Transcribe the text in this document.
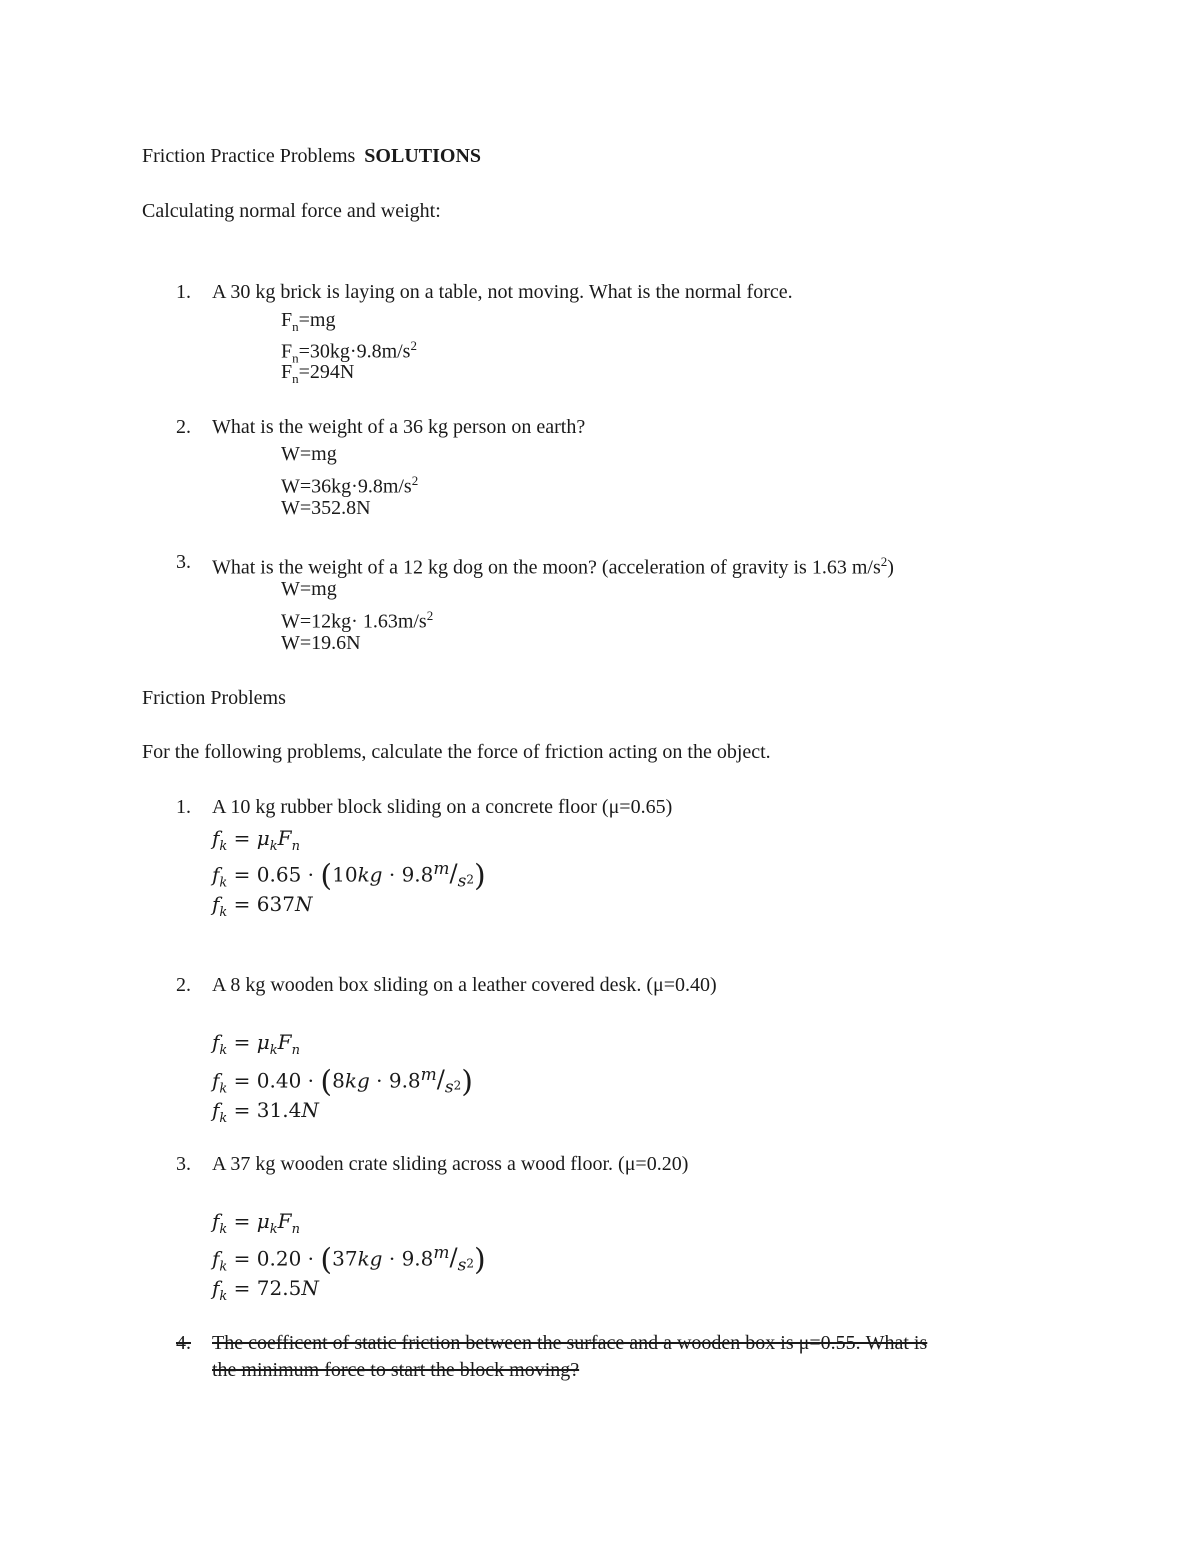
Friction Practice Problems SOLUTIONS
Calculating normal force and weight:
1. A 30 kg brick is laying on a table, not moving. What is the normal force.
$F_n=mg$
$F_n=30kg\cdot 9.8m/s^2$
$F_n=294N$
2. What is the weight of a 36 kg person on earth?
W=mg
$W=36kg\cdot 9.8m/s^2$
W=352.8N
3. What is the weight of a 12 kg dog on the moon? (acceleration of gravity is 1.63 $m/s^2$)
W=mg
$W=12kg\cdot 1.63m/s^2$
W=19.6N
Friction Problems
For the following problems, calculate the force of friction acting on the object.
1. A 10 kg rubber block sliding on a concrete floor (μ=0.65)
$f_k = \mu_kF_n$
$f_k = 0.65 \cdot (10kg \cdot 9.8^m/_{s2})$
$f_k = 637N$
2. A 8 kg wooden box sliding on a leather covered desk. (μ=0.40)
$f_k = \mu_kF_n$
$f_k = 0.40 \cdot (8kg \cdot 9.8^m/_{s2})$
$f_k = 31.4N$
3. A 37 kg wooden crate sliding across a wood floor. (μ=0.20)
$f_k = \mu_kF_n$
$f_k = 0.20 \cdot (37kg \cdot 9.8^m/_{s2})$
$f_k = 72.5N$
4. The coefficent of static friction between the surface and a wooden box is μ=0.55. What is
the minimum force to start the block moving?
